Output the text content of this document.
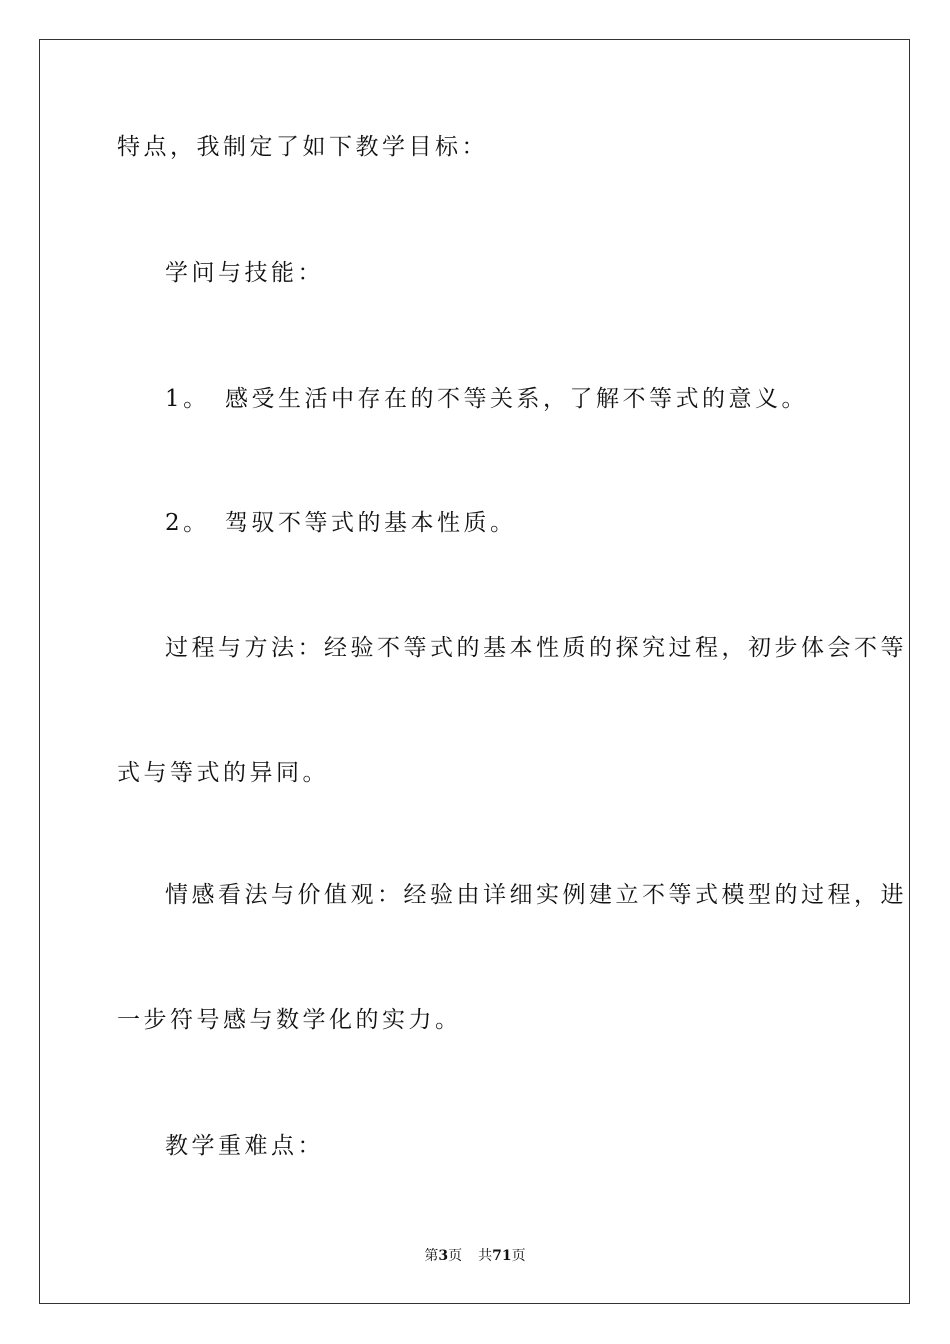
特点，我制定了如下教学目标：
学问与技能：
1。 感受生活中存在的不等关系，了解不等式的意义。
2。 驾驭不等式的基本性质。
过程与方法：经验不等式的基本性质的探究过程，初步体会不等
式与等式的异同。
情感看法与价值观：经验由详细实例建立不等式模型的过程，进
一步符号感与数学化的实力。
教学重难点：
第3页 共71页
